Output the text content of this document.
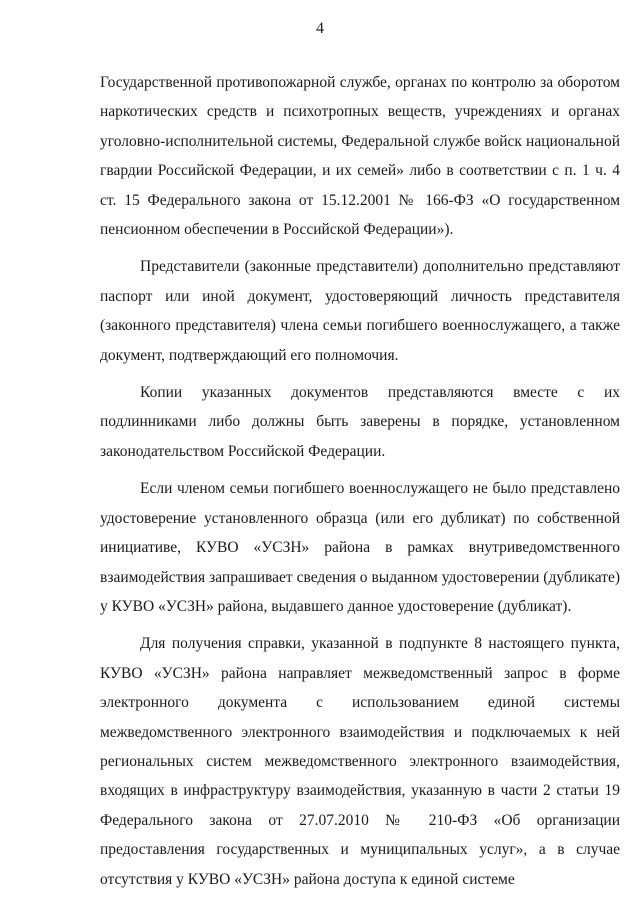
4

Государственной противопожарной службе, органах по контролю за оборотом наркотических средств и психотропных веществ, учреждениях и органах уголовно-исполнительной системы, Федеральной службе войск национальной гвардии Российской Федерации, и их семей» либо в соответствии с п. 1 ч. 4 ст. 15 Федерального закона от 15.12.2001 № 166-ФЗ «О государственном пенсионном обеспечении в Российской Федерации»).

Представители (законные представители) дополнительно представляют паспорт или иной документ, удостоверяющий личность представителя (законного представителя) члена семьи погибшего военнослужащего, а также документ, подтверждающий его полномочия.

Копии указанных документов представляются вместе с их подлинниками либо должны быть заверены в порядке, установленном законодательством Российской Федерации.

Если членом семьи погибшего военнослужащего не было представлено удостоверение установленного образца (или его дубликат) по собственной инициативе, КУВО «УСЗН» района в рамках внутриведомственного взаимодействия запрашивает сведения о выданном удостоверении (дубликате) у КУВО «УСЗН» района, выдавшего данное удостоверение (дубликат).

Для получения справки, указанной в подпункте 8 настоящего пункта, КУВО «УСЗН» района направляет межведомственный запрос в форме электронного документа с использованием единой системы межведомственного электронного взаимодействия и подключаемых к ней региональных систем межведомственного электронного взаимодействия, входящих в инфраструктуру взаимодействия, указанную в части 2 статьи 19 Федерального закона от 27.07.2010 № 210-ФЗ «Об организации предоставления государственных и муниципальных услуг», а в случае отсутствия у КУВО «УСЗН» района доступа к единой системе
